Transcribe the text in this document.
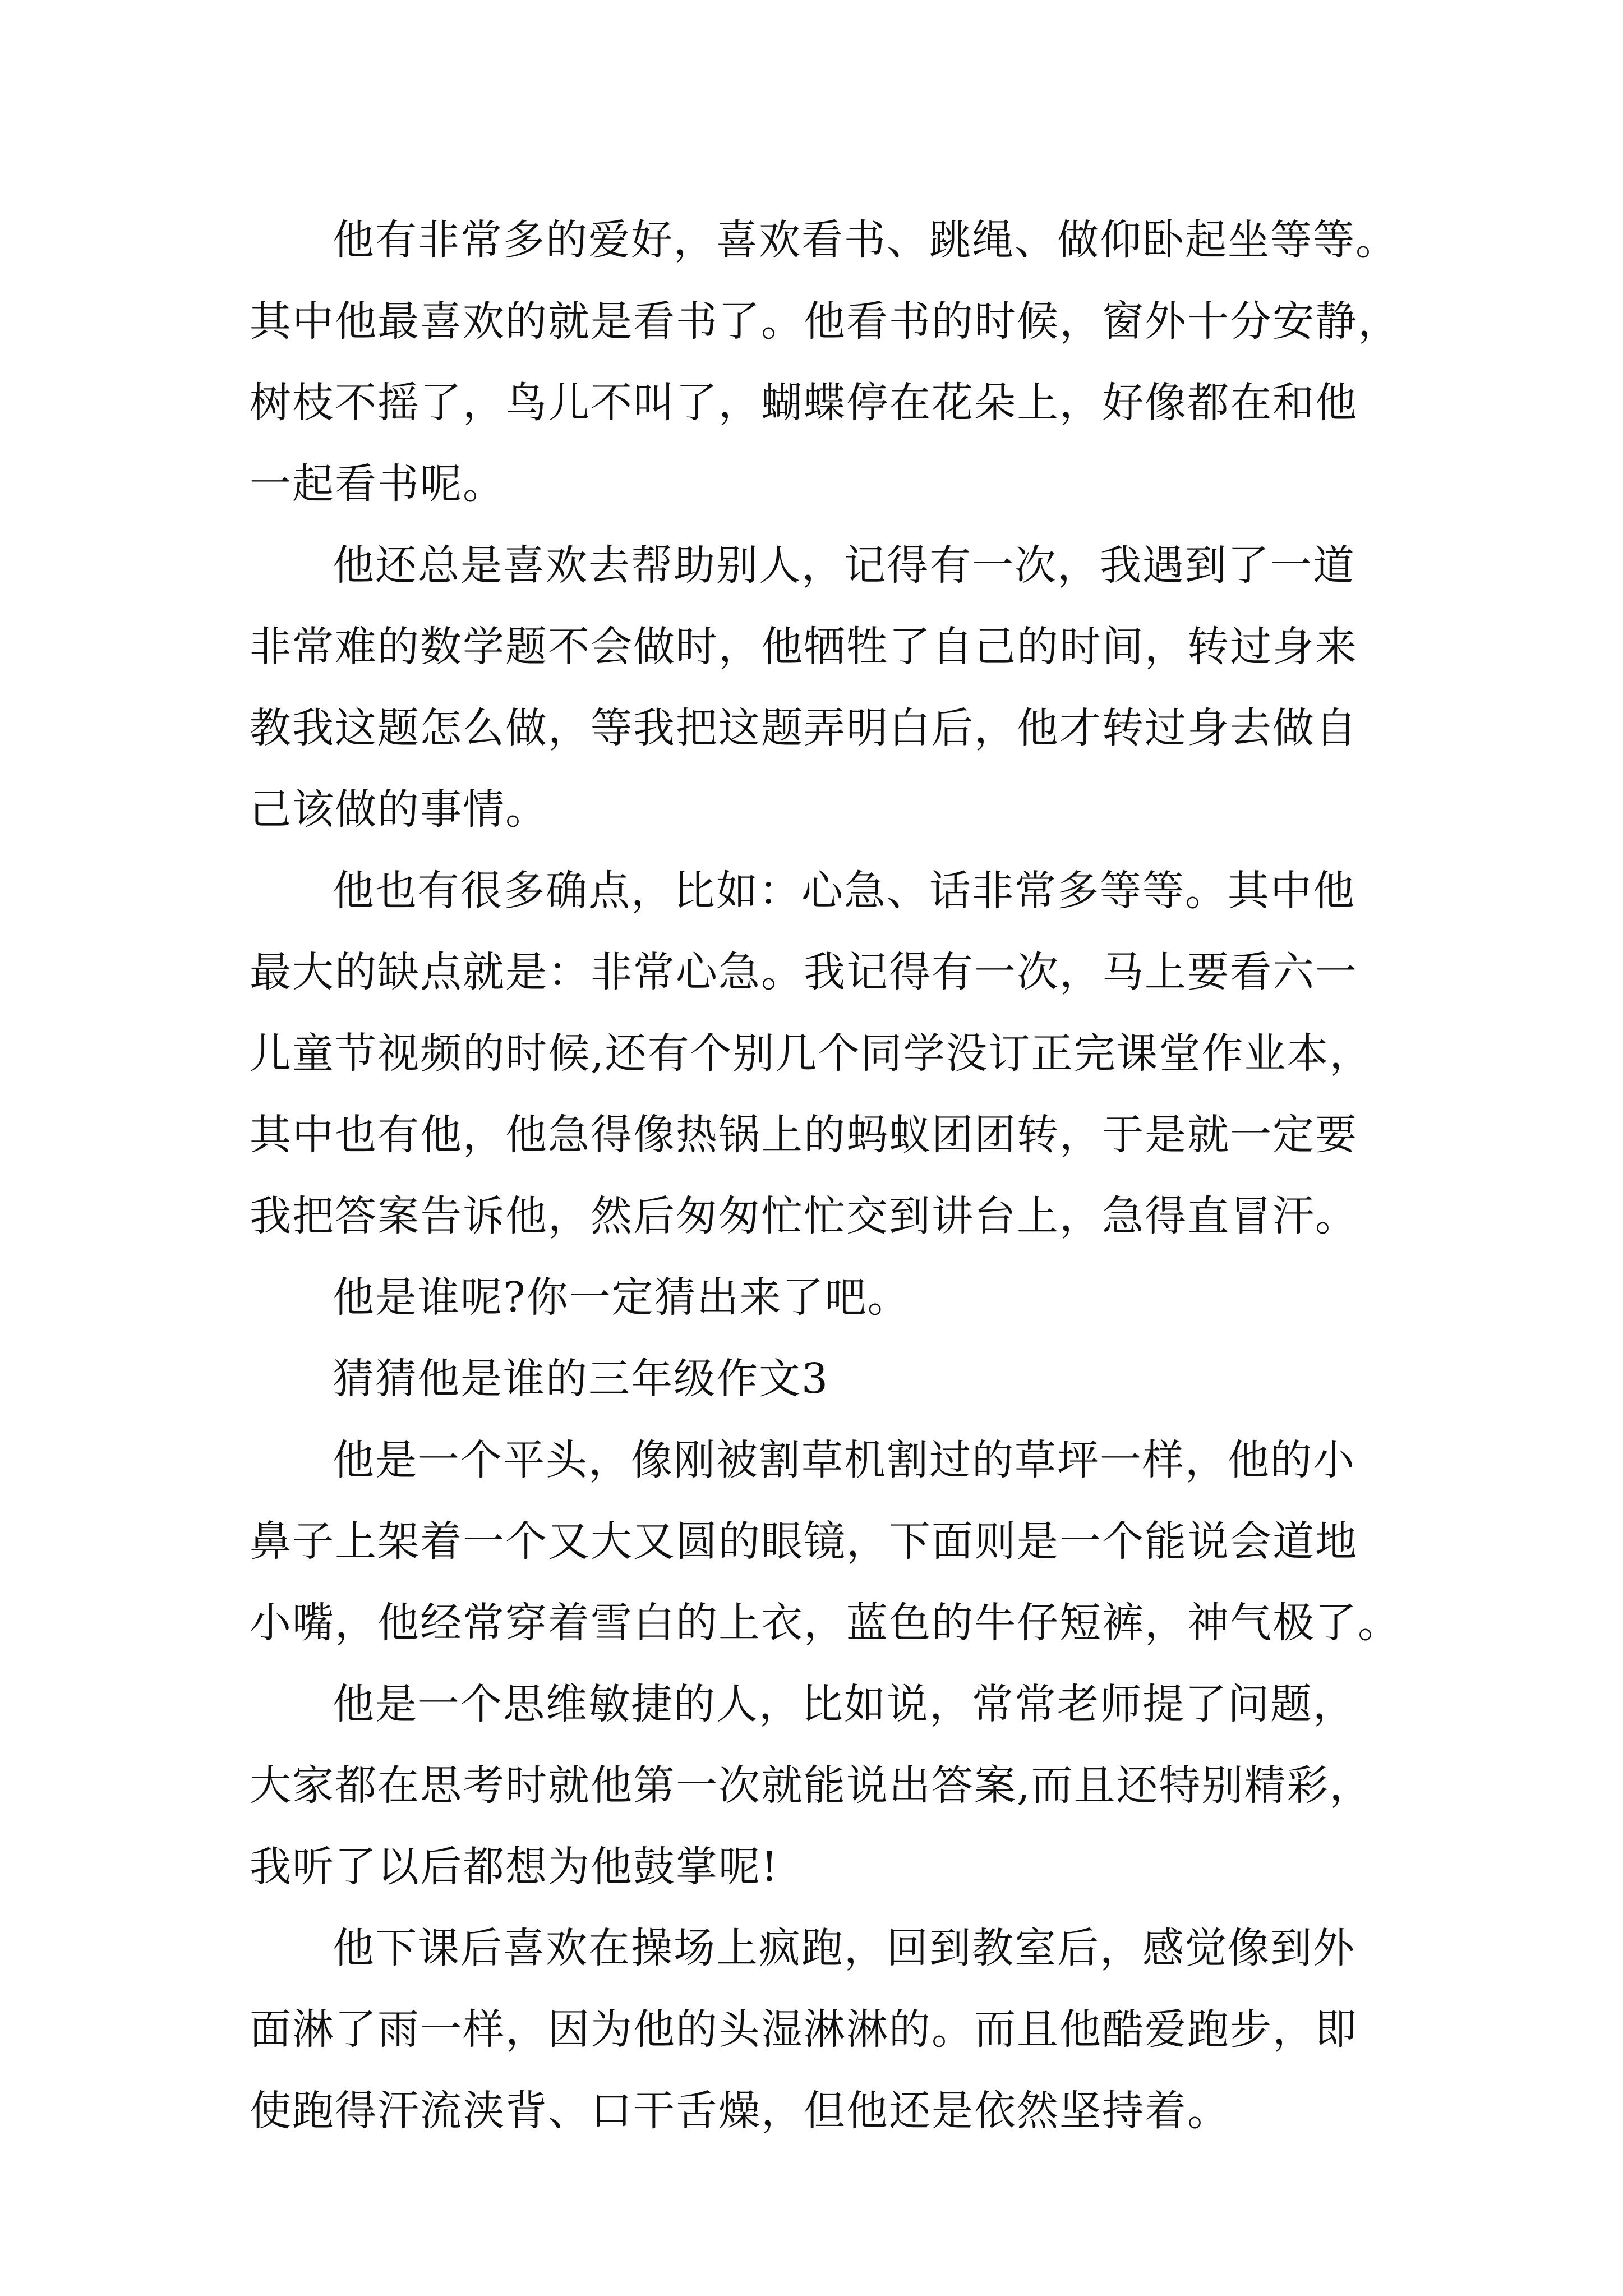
他有非常多的爱好，喜欢看书、跳绳、做仰卧起坐等等。
其中他最喜欢的就是看书了。他看书的时候，窗外十分安静，
树枝不摇了，鸟儿不叫了，蝴蝶停在花朵上，好像都在和他
一起看书呢。
他还总是喜欢去帮助别人，记得有一次，我遇到了一道
非常难的数学题不会做时，他牺牲了自己的时间，转过身来
教我这题怎么做，等我把这题弄明白后，他才转过身去做自
己该做的事情。
他也有很多确点，比如：心急、话非常多等等。其中他
最大的缺点就是：非常心急。我记得有一次，马上要看六一
儿童节视频的时候,还有个别几个同学没订正完课堂作业本，
其中也有他，他急得像热锅上的蚂蚁团团转，于是就一定要
我把答案告诉他，然后匆匆忙忙交到讲台上，急得直冒汗。
他是谁呢?你一定猜出来了吧。
猜猜他是谁的三年级作文3
他是一个平头，像刚被割草机割过的草坪一样，他的小
鼻子上架着一个又大又圆的眼镜，下面则是一个能说会道地
小嘴，他经常穿着雪白的上衣，蓝色的牛仔短裤，神气极了。
他是一个思维敏捷的人，比如说，常常老师提了问题，
大家都在思考时就他第一次就能说出答案,而且还特别精彩，
我听了以后都想为他鼓掌呢!
他下课后喜欢在操场上疯跑，回到教室后，感觉像到外
面淋了雨一样，因为他的头湿淋淋的。而且他酷爱跑步，即
使跑得汗流浃背、口干舌燥，但他还是依然坚持着。
